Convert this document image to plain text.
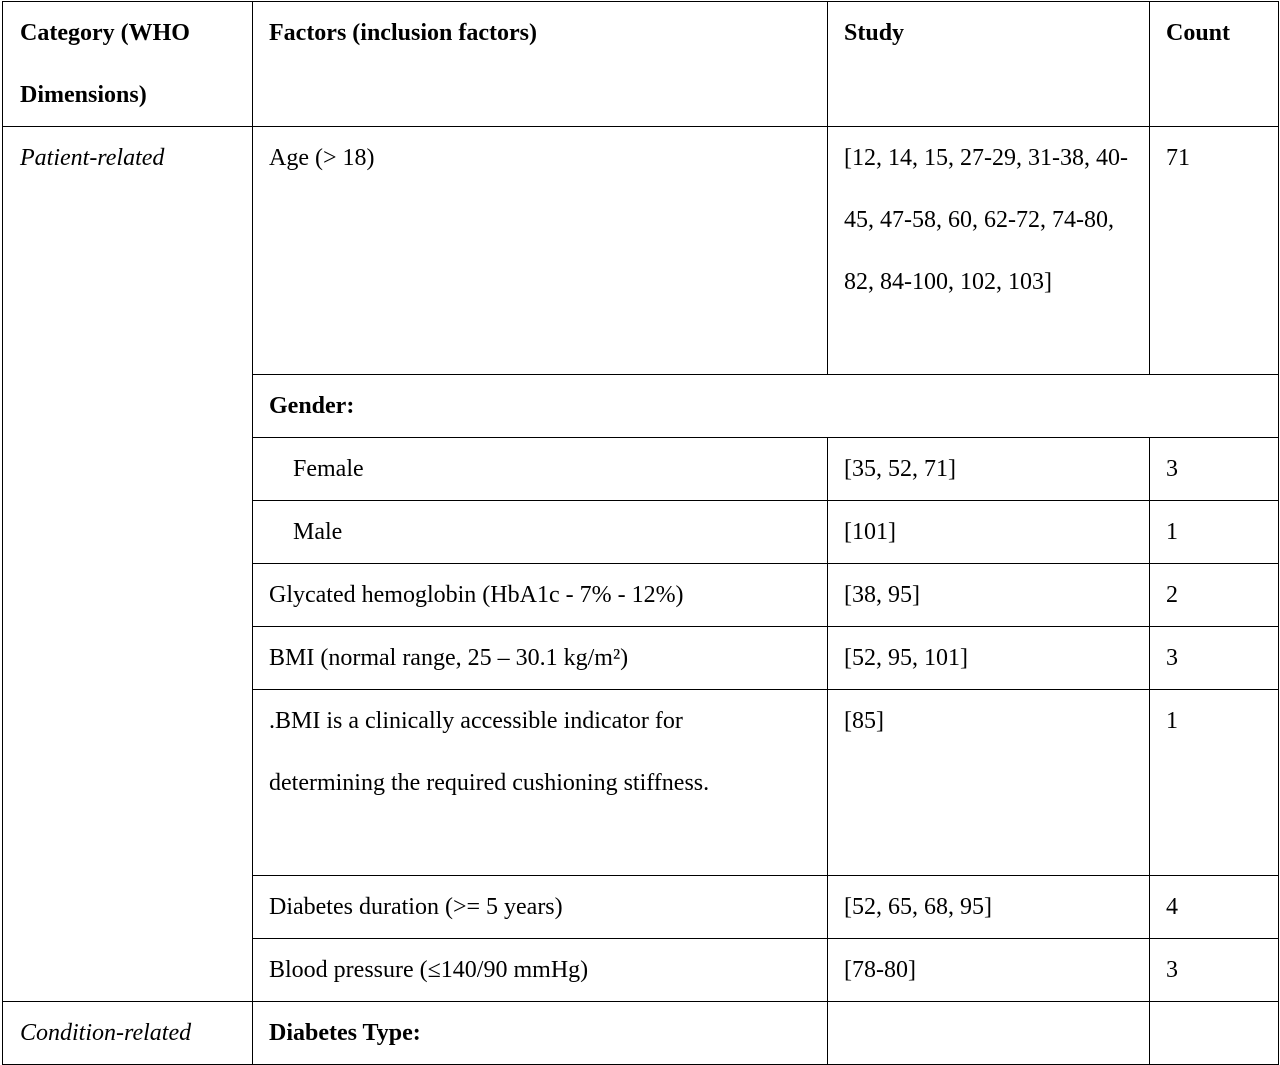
Category (WHO Dimensions)	Factors (inclusion factors)	Study	Count
Patient-related	Age (> 18)	[12, 14, 15, 27-29, 31-38, 40-45, 47-58, 60, 62-72, 74-80, 82, 84-100, 102, 103]	71
	Gender:		
	Female	[35, 52, 71]	3
	Male	[101]	1
	Glycated hemoglobin (HbA1c - 7% - 12%)	[38, 95]	2
	BMI (normal range, 25 – 30.1 kg/m²)	[52, 95, 101]	3
	.BMI is a clinically accessible indicator for determining the required cushioning stiffness.	[85]	1
	Diabetes duration (>= 5 years)	[52, 65, 68, 95]	4
	Blood pressure (≤140/90 mmHg)	[78-80]	3
Condition-related	Diabetes Type:		
